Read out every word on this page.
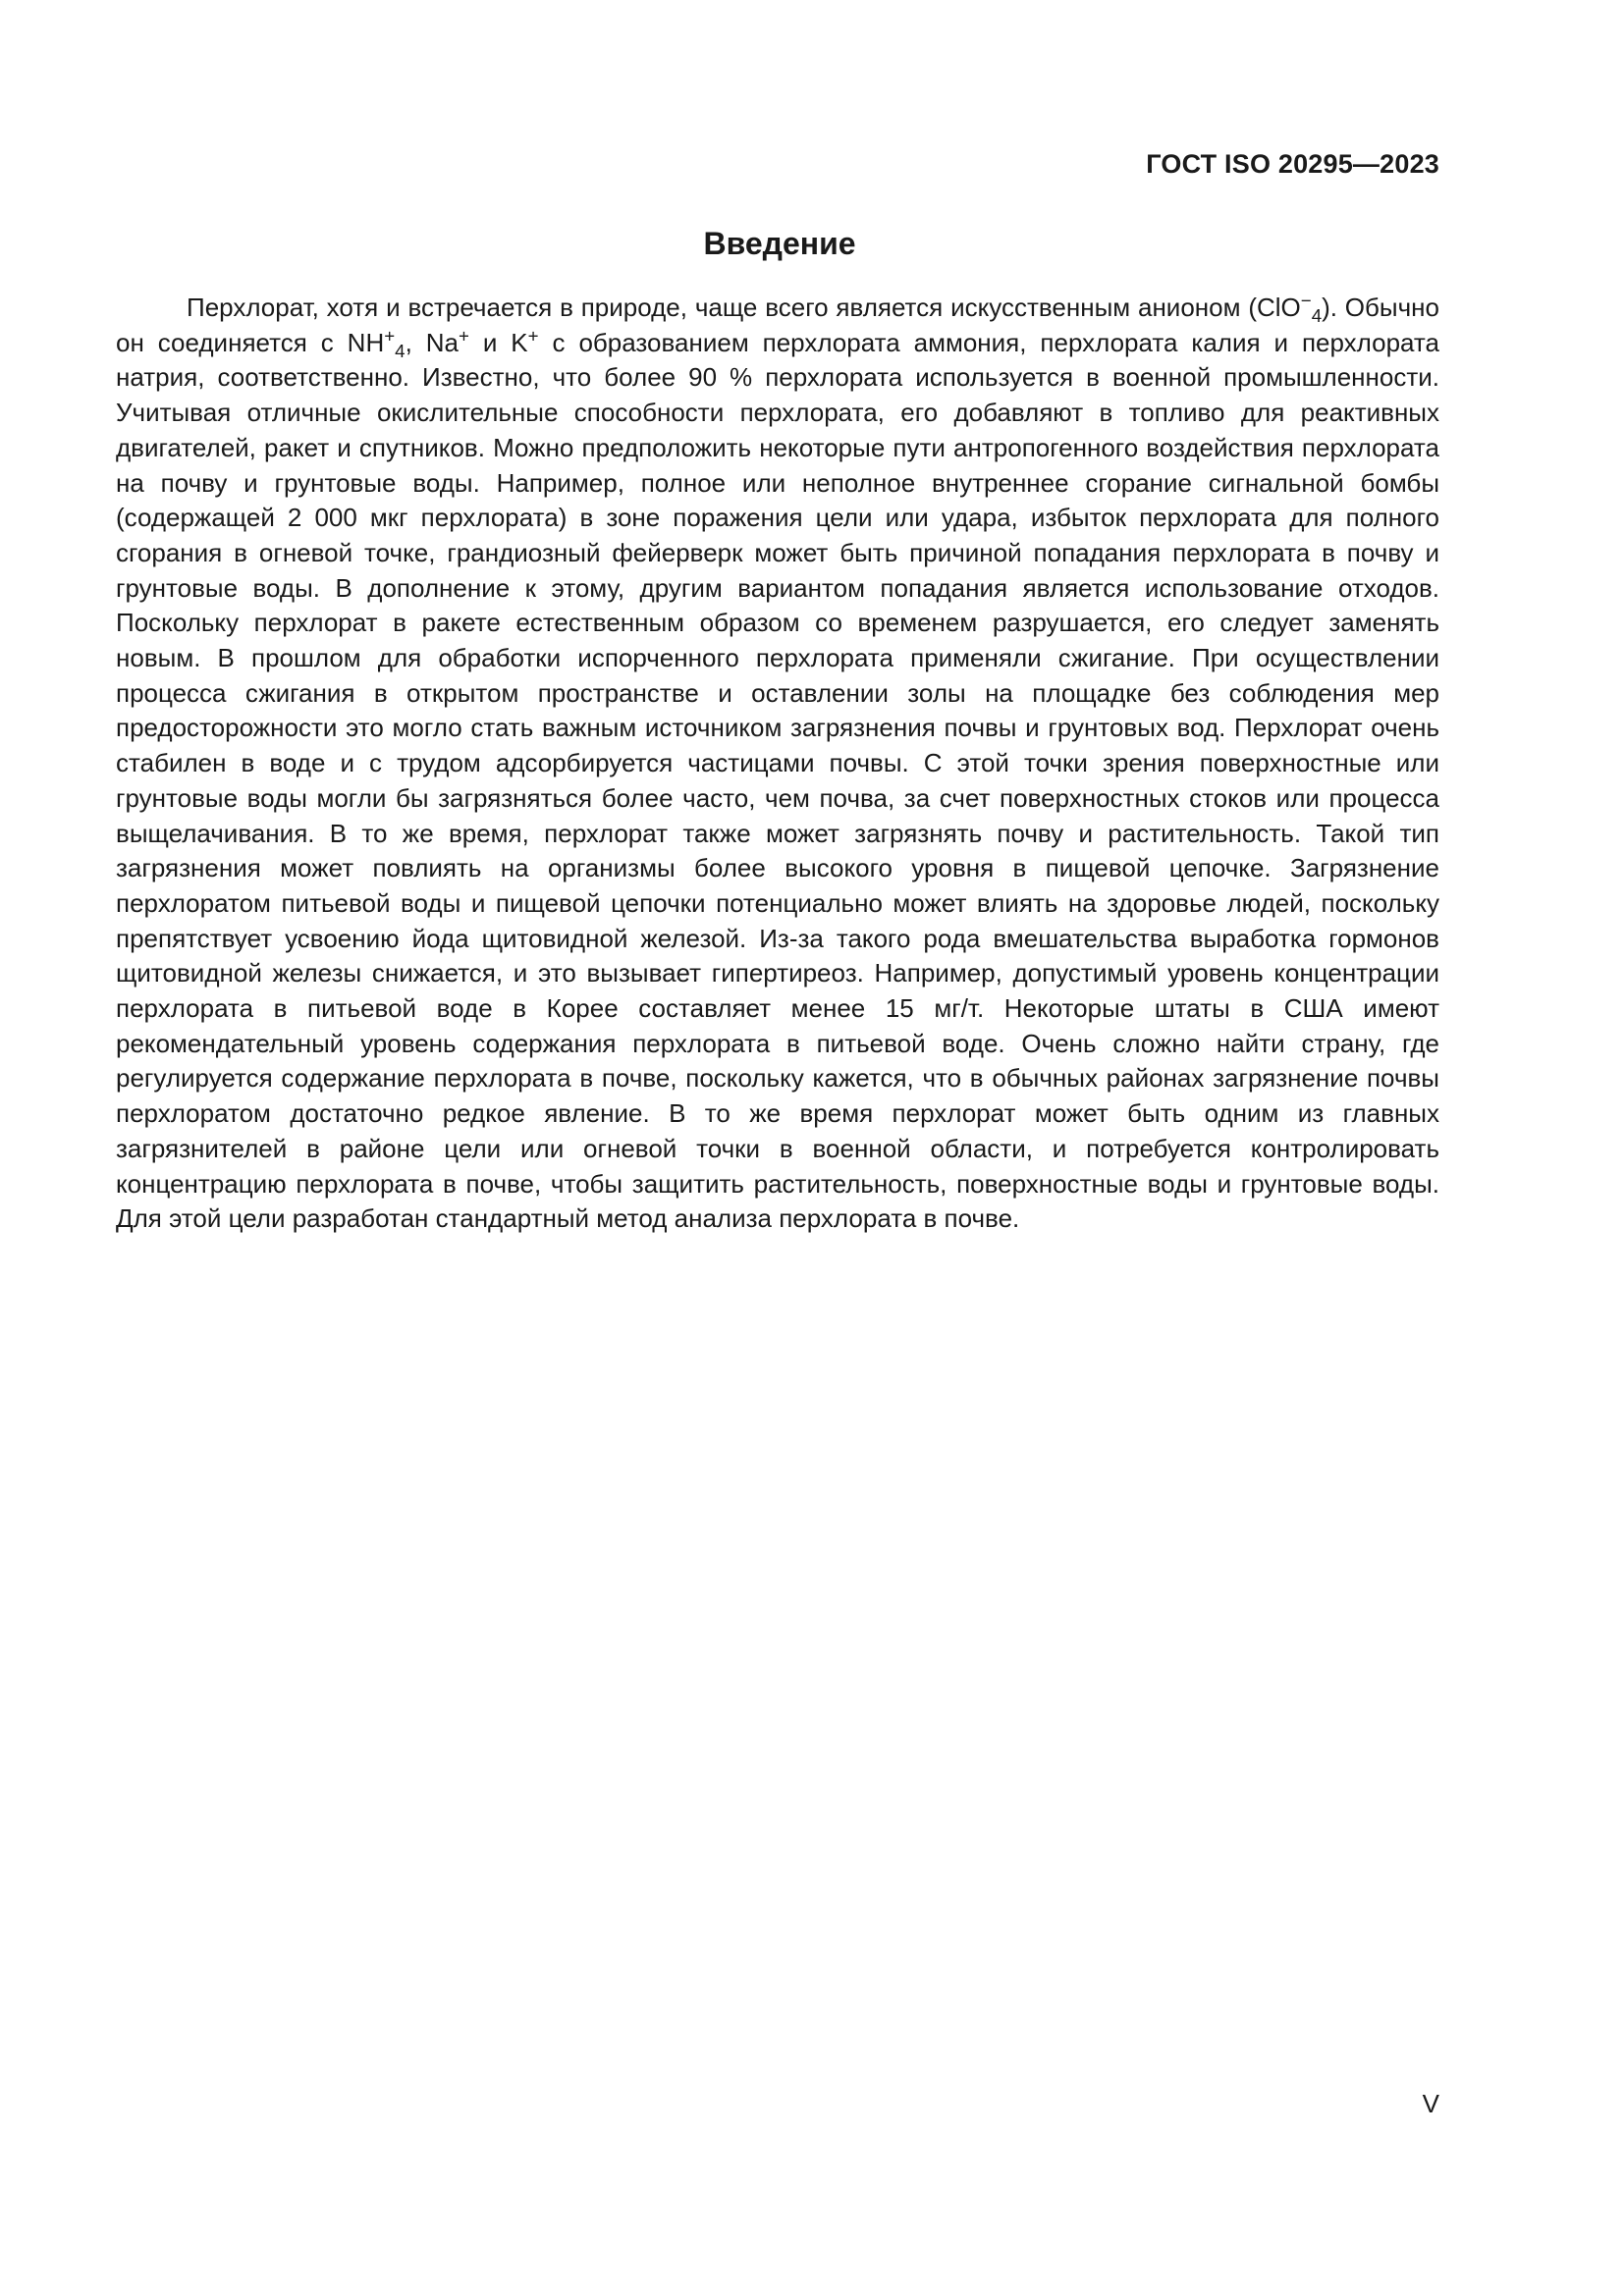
ГОСТ ISO 20295—2023
Введение

Перхлорат, хотя и встречается в природе, чаще всего является искусственным анионом (ClO−$_4$). Обычно он соединяется с $NH^+_4$, Na+ и K+ с образованием перхлората аммония, перхлората калия и перхлората натрия, соответственно. Известно, что более 90 % перхлората используется в военной промышленности. Учитывая отличные окислительные способности перхлората, его добавляют в топливо для реактивных двигателей, ракет и спутников. Можно предположить некоторые пути антропогенного воздействия перхлората на почву и грунтовые воды. Например, полное или неполное внутреннее сгорание сигнальной бомбы (содержащей 2 000 мкг перхлората) в зоне поражения цели или удара, избыток перхлората для полного сгорания в огневой точке, грандиозный фейерверк может быть причиной попадания перхлората в почву и грунтовые воды. В дополнение к этому, другим вариантом попадания является использование отходов. Поскольку перхлорат в ракете естественным образом со временем разрушается, его следует заменять новым. В прошлом для обработки испорченного перхлората применяли сжигание. При осуществлении процесса сжигания в открытом пространстве и оставлении золы на площадке без соблюдения мер предосторожности это могло стать важным источником загрязнения почвы и грунтовых вод. Перхлорат очень стабилен в воде и с трудом адсорбируется частицами почвы. С этой точки зрения поверхностные или грунтовые воды могли бы загрязняться более часто, чем почва, за счет поверхностных стоков или процесса выщелачивания. В то же время, перхлорат также может загрязнять почву и растительность. Такой тип загрязнения может повлиять на организмы более высокого уровня в пищевой цепочке. Загрязнение перхлоратом питьевой воды и пищевой цепочки потенциально может влиять на здоровье людей, поскольку препятствует усвоению йода щитовидной железой. Из-за такого рода вмешательства выработка гормонов щитовидной железы снижается, и это вызывает гипертиреоз. Например, допустимый уровень концентрации перхлората в питьевой воде в Корее составляет менее 15 мг/т. Некоторые штаты в США имеют рекомендательный уровень содержания перхлората в питьевой воде. Очень сложно найти страну, где регулируется содержание перхлората в почве, поскольку кажется, что в обычных районах загрязнение почвы перхлоратом достаточно редкое явление. В то же время перхлорат может быть одним из главных загрязнителей в районе цели или огневой точки в военной области, и потребуется контролировать концентрацию перхлората в почве, чтобы защитить растительность, поверхностные воды и грунтовые воды. Для этой цели разработан стандартный метод анализа перхлората в почве.

V
